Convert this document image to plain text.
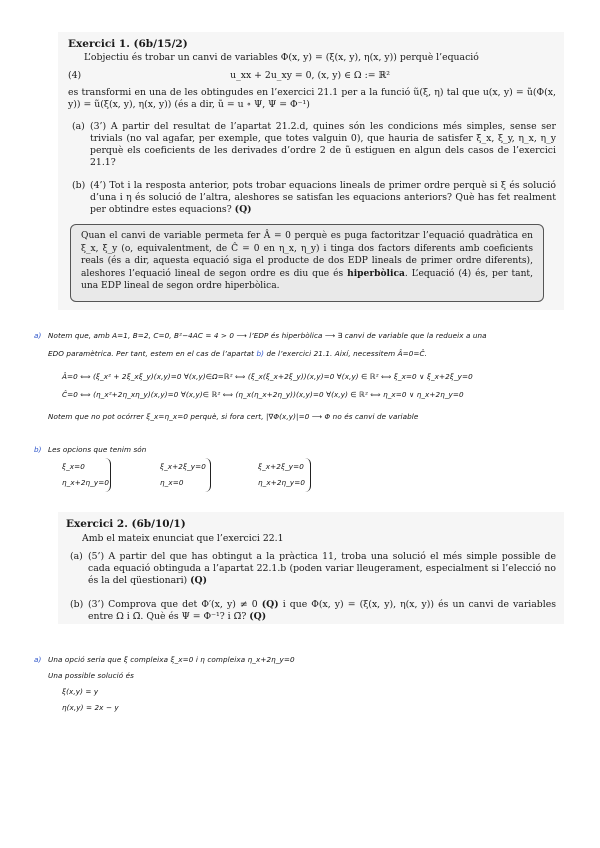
Exercici 1. (6b/15/2)
L’objectiu és trobar un canvi de variables Φ(x, y) = (ξ(x, y), η(x, y)) perquè l’equació
(4)	u_xx + 2u_xy = 0, (x, y) ∈ Ω := ℝ²
es transformi en una de les obtingudes en l’exercici 21.1 per a la funció ũ(ξ, η) tal que u(x, y) = ũ(Φ(x, y)) = ũ(ξ(x, y), η(x, y)) (és a dir, ũ = u ∘ Ψ, Ψ = Φ⁻¹)
(a) (3’) A partir del resultat de l’apartat 21.2.d, quines són les condicions més simples, sense ser trivials (no val agafar, per exemple, que totes valguin 0), que hauria de satisfer ξ_x, ξ_y, η_x, η_y perquè els coeficients de les derivades d’ordre 2 de ũ estiguen en algun dels casos de l’exercici 21.1?
(b) (4’) Tot i la resposta anterior, pots trobar equacions lineals de primer ordre perquè si ξ és solució d’una i η és solució de l’altra, aleshores se satisfan les equacions anteriors? Què has fet realment per obtindre estes equacions? (Q)
Quan el canvi de variable permeta fer Â = 0 perquè es puga factoritzar l’equació quadràtica en ξ_x, ξ_y (o, equivalentment, de Ĉ = 0 en η_x, η_y) i tinga dos factors diferents amb coeficients reals (és a dir, aquesta equació siga el producte de dos EDP lineals de primer ordre diferents), aleshores l’equació lineal de segon ordre es diu que és hiperbòlica. L’equació (4) és, per tant, una EDP lineal de segon ordre hiperbòlica.
a) Notem que, amb A=1, B=2, C=0, B²−4AC = 4 > 0 ⟶ l’EDP és hiperbòlica ⟶ ∃ canvi de variable que la redueix a una
EDO paramètrica. Per tant, estem en el cas de l’apartat b) de l’exercici 21.1. Així, necessitem Â=0=Ĉ.
Â=0 ⟺ (ξ_x² + 2ξ_xξ_y)(x,y)=0 ∀(x,y)∈Ω=ℝ² ⟺ (ξ_x(ξ_x+2ξ_y))(x,y)=0 ∀(x,y) ∈ ℝ² ⟺ ξ_x=0 ∨ ξ_x+2ξ_y=0
Ĉ=0 ⟺ (η_x²+2η_xη_y)(x,y)=0 ∀(x,y)∈ ℝ² ⟺ (η_x(η_x+2η_y))(x,y)=0 ∀(x,y) ∈ ℝ² ⟺ η_x=0 ∨ η_x+2η_y=0
Notem que no pot ocórrer ξ_x=η_x=0 perquè, si fora cert, |∇Φ(x,y)|=0 ⟶ Φ no és canvi de variable
b) Les opcions que tenim són
ξ_x=0
η_x+2η_y=0
ξ_x+2ξ_y=0
η_x=0
ξ_x+2ξ_y=0
η_x+2η_y=0
Exercici 2. (6b/10/1)
Amb el mateix enunciat que l’exercici 22.1
(a) (5’) A partir del que has obtingut a la pràctica 11, troba una solució el més simple possible de cada equació obtinguda a l’apartat 22.1.b (poden variar lleugerament, especialment si l’elecció no és la del qüestionari) (Q)
(b) (3’) Comprova que det Φ′(x, y) ≠ 0 (Q) i que Φ(x, y) = (ξ(x, y), η(x, y)) és un canvi de variables entre Ω i Ω̃. Què és Ψ = Φ⁻¹? i Ω̃? (Q)
a) Una opció seria que ξ compleixa ξ_x=0 i η compleixa η_x+2η_y=0
Una possible solució és
ξ(x,y) = y
η(x,y) = 2x − y
